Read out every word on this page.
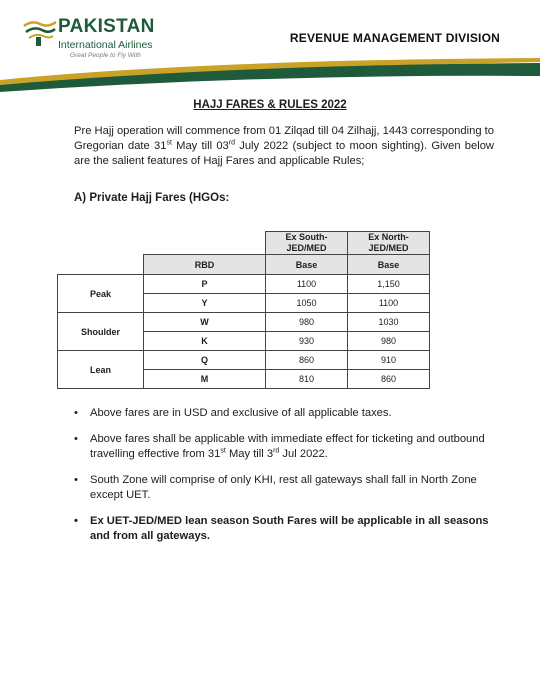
PAKISTAN
International Airlines
Great People to Fly With
REVENUE MANAGEMENT DIVISION
HAJJ FARES & RULES 2022
Pre Hajj operation will commence from 01 Zilqad till 04 Zilhajj, 1443 corresponding to Gregorian date 31st May till 03rd July 2022 (subject to moon sighting). Given below are the salient features of Hajj Fares and applicable Rules;
A) Private Hajj Fares (HGOs:
		Ex South-
JED/MED	Ex North-
JED/MED
	RBD	Base	Base
Peak	P	1100	1,150
	Y	1050	1100
Shoulder	W	980	1030
	K	930	980
Lean	Q	860	910
	M	810	860
• Above fares are in USD and exclusive of all applicable taxes.
• Above fares shall be applicable with immediate effect for ticketing and outbound travelling effective from 31st May till 3rd Jul 2022.
• South Zone will comprise of only KHI, rest all gateways shall fall in North Zone except UET.
• Ex UET-JED/MED lean season South Fares will be applicable in all seasons and from all gateways.
